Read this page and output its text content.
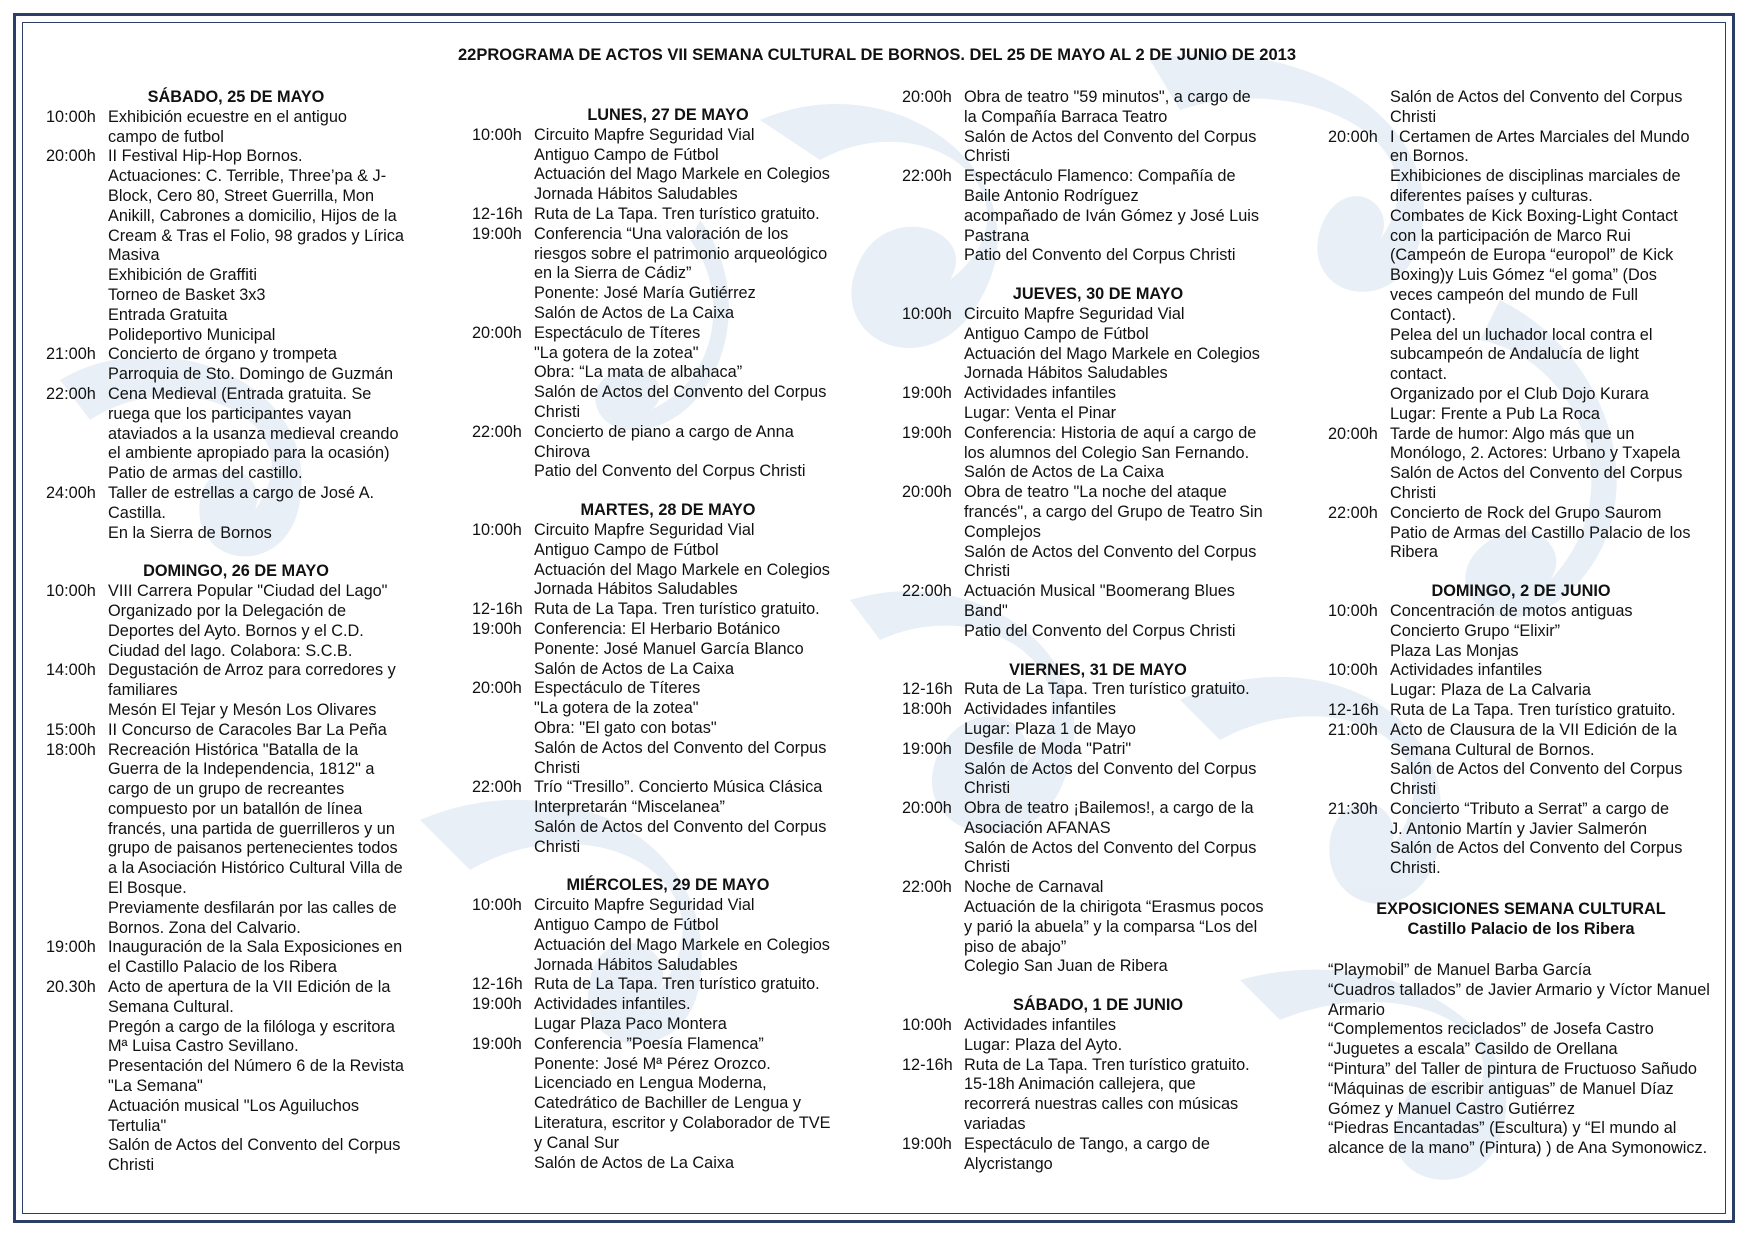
22PROGRAMA DE ACTOS VII SEMANA CULTURAL DE BORNOS. DEL 25 DE MAYO AL 2 DE JUNIO DE 2013
SÁBADO, 25 DE MAYO
10:00h Exhibición ecuestre en el antiguo
campo de futbol
20:00h II Festival Hip-Hop Bornos.
Actuaciones: C. Terrible, Three’pa & J-
Block, Cero 80, Street Guerrilla, Mon
Anikill, Cabrones a domicilio, Hijos de la
Cream & Tras el Folio, 98 grados y Lírica
Masiva
Exhibición de Graffiti
Torneo de Basket 3x3
Entrada Gratuita
Polideportivo Municipal
21:00h Concierto de órgano y trompeta
Parroquia de Sto. Domingo de Guzmán
22:00h Cena Medieval (Entrada gratuita. Se
ruega que los participantes vayan
ataviados a la usanza medieval creando
el ambiente apropiado para la ocasión)
Patio de armas del castillo.
24:00h Taller de estrellas a cargo de José A.
Castilla.
En la Sierra de Bornos
DOMINGO, 26 DE MAYO
10:00h VIII Carrera Popular "Ciudad del Lago"
Organizado por la Delegación de
Deportes del Ayto. Bornos y el C.D.
Ciudad del lago. Colabora: S.C.B.
14:00h Degustación de Arroz para corredores y
familiares
Mesón El Tejar y Mesón Los Olivares
15:00h II Concurso de Caracoles Bar La Peña
18:00h Recreación Histórica "Batalla de la
Guerra de la Independencia, 1812" a
cargo de un grupo de recreantes
compuesto por un batallón de línea
francés, una partida de guerrilleros y un
grupo de paisanos pertenecientes todos
a la Asociación Histórico Cultural Villa de
El Bosque.
Previamente desfilarán por las calles de
Bornos. Zona del Calvario.
19:00h Inauguración de la Sala Exposiciones en
el Castillo Palacio de los Ribera
20.30h Acto de apertura de la VII Edición de la
Semana Cultural.
Pregón a cargo de la filóloga y escritora
Mª Luisa Castro Sevillano.
Presentación del Número 6 de la Revista
"La Semana"
Actuación musical "Los Aguiluchos
Tertulia"
Salón de Actos del Convento del Corpus
Christi
LUNES, 27 DE MAYO
10:00h Circuito Mapfre Seguridad Vial
Antiguo Campo de Fútbol
Actuación del Mago Markele en Colegios
Jornada Hábitos Saludables
12-16h Ruta de La Tapa. Tren turístico gratuito.
19:00h Conferencia “Una valoración de los
riesgos sobre el patrimonio arqueológico
en la Sierra de Cádiz”
Ponente: José María Gutiérrez
Salón de Actos de La Caixa
20:00h Espectáculo de Títeres
"La gotera de la zotea"
Obra: “La mata de albahaca”
Salón de Actos del Convento del Corpus
Christi
22:00h Concierto de piano a cargo de Anna
Chirova
Patio del Convento del Corpus Christi
MARTES, 28 DE MAYO
10:00h Circuito Mapfre Seguridad Vial
Antiguo Campo de Fútbol
Actuación del Mago Markele en Colegios
Jornada Hábitos Saludables
12-16h Ruta de La Tapa. Tren turístico gratuito.
19:00h Conferencia: El Herbario Botánico
Ponente: José Manuel García Blanco
Salón de Actos de La Caixa
20:00h Espectáculo de Títeres
"La gotera de la zotea"
Obra: "El gato con botas"
Salón de Actos del Convento del Corpus
Christi
22:00h Trío “Tresillo”. Concierto Música Clásica
Interpretarán “Miscelanea”
Salón de Actos del Convento del Corpus
Christi
MIÉRCOLES, 29 DE MAYO
10:00h Circuito Mapfre Seguridad Vial
Antiguo Campo de Fútbol
Actuación del Mago Markele en Colegios
Jornada Hábitos Saludables
12-16h Ruta de La Tapa. Tren turístico gratuito.
19:00h Actividades infantiles.
Lugar Plaza Paco Montera
19:00h Conferencia ”Poesía Flamenca”
Ponente: José Mª Pérez Orozco.
Licenciado en Lengua Moderna,
Catedrático de Bachiller de Lengua y
Literatura, escritor y Colaborador de TVE
y Canal Sur
Salón de Actos de La Caixa
20:00h Obra de teatro "59 minutos", a cargo de
la Compañía Barraca Teatro
Salón de Actos del Convento del Corpus
Christi
22:00h Espectáculo Flamenco: Compañía de
Baile Antonio Rodríguez
acompañado de Iván Gómez y José Luis
Pastrana
Patio del Convento del Corpus Christi
JUEVES, 30 DE MAYO
10:00h Circuito Mapfre Seguridad Vial
Antiguo Campo de Fútbol
Actuación del Mago Markele en Colegios
Jornada Hábitos Saludables
19:00h Actividades infantiles
Lugar: Venta el Pinar
19:00h Conferencia: Historia de aquí a cargo de
los alumnos del Colegio San Fernando.
Salón de Actos de La Caixa
20:00h Obra de teatro "La noche del ataque
francés", a cargo del Grupo de Teatro Sin
Complejos
Salón de Actos del Convento del Corpus
Christi
22:00h Actuación Musical "Boomerang Blues
Band"
Patio del Convento del Corpus Christi
VIERNES, 31 DE MAYO
12-16h Ruta de La Tapa. Tren turístico gratuito.
18:00h Actividades infantiles
Lugar: Plaza 1 de Mayo
19:00h Desfile de Moda "Patri"
Salón de Actos del Convento del Corpus
Christi
20:00h Obra de teatro ¡Bailemos!, a cargo de la
Asociación AFANAS
Salón de Actos del Convento del Corpus
Christi
22:00h Noche de Carnaval
Actuación de la chirigota “Erasmus pocos
y parió la abuela” y la comparsa “Los del
piso de abajo”
Colegio San Juan de Ribera
SÁBADO, 1 DE JUNIO
10:00h Actividades infantiles
Lugar: Plaza del Ayto.
12-16h Ruta de La Tapa. Tren turístico gratuito.
15-18h Animación callejera, que
recorrerá nuestras calles con músicas
variadas
19:00h Espectáculo de Tango, a cargo de
Alycristango
Salón de Actos del Convento del Corpus
Christi
20:00h I Certamen de Artes Marciales del Mundo
en Bornos.
Exhibiciones de disciplinas marciales de
diferentes países y culturas.
Combates de Kick Boxing-Light Contact
con la participación de Marco Rui
(Campeón de Europa “europol” de Kick
Boxing)y Luis Gómez “el goma” (Dos
veces campeón del mundo de Full
Contact).
Pelea del un luchador local contra el
subcampeón de Andalucía de light
contact.
Organizado por el Club Dojo Kurara
Lugar: Frente a Pub La Roca
20:00h Tarde de humor: Algo más que un
Monólogo, 2. Actores: Urbano y Txapela
Salón de Actos del Convento del Corpus
Christi
22:00h Concierto de Rock del Grupo Saurom
Patio de Armas del Castillo Palacio de los
Ribera
DOMINGO, 2 DE JUNIO
10:00h Concentración de motos antiguas
Concierto Grupo “Elixir”
Plaza Las Monjas
10:00h Actividades infantiles
Lugar: Plaza de La Calvaria
12-16h Ruta de La Tapa. Tren turístico gratuito.
21:00h Acto de Clausura de la VII Edición de la
Semana Cultural de Bornos.
Salón de Actos del Convento del Corpus
Christi
21:30h Concierto “Tributo a Serrat” a cargo de
J. Antonio Martín y Javier Salmerón
Salón de Actos del Convento del Corpus
Christi.
EXPOSICIONES SEMANA CULTURAL
Castillo Palacio de los Ribera
“Playmobil” de Manuel Barba García
“Cuadros tallados” de Javier Armario y Víctor Manuel Armario
“Complementos reciclados” de Josefa Castro
“Juguetes a escala” Casildo de Orellana
“Pintura” del Taller de pintura de Fructuoso Sañudo
“Máquinas de escribir antiguas” de Manuel Díaz Gómez y Manuel Castro Gutiérrez
“Piedras Encantadas” (Escultura) y “El mundo al alcance de la mano” (Pintura) ) de Ana Symonowicz.
